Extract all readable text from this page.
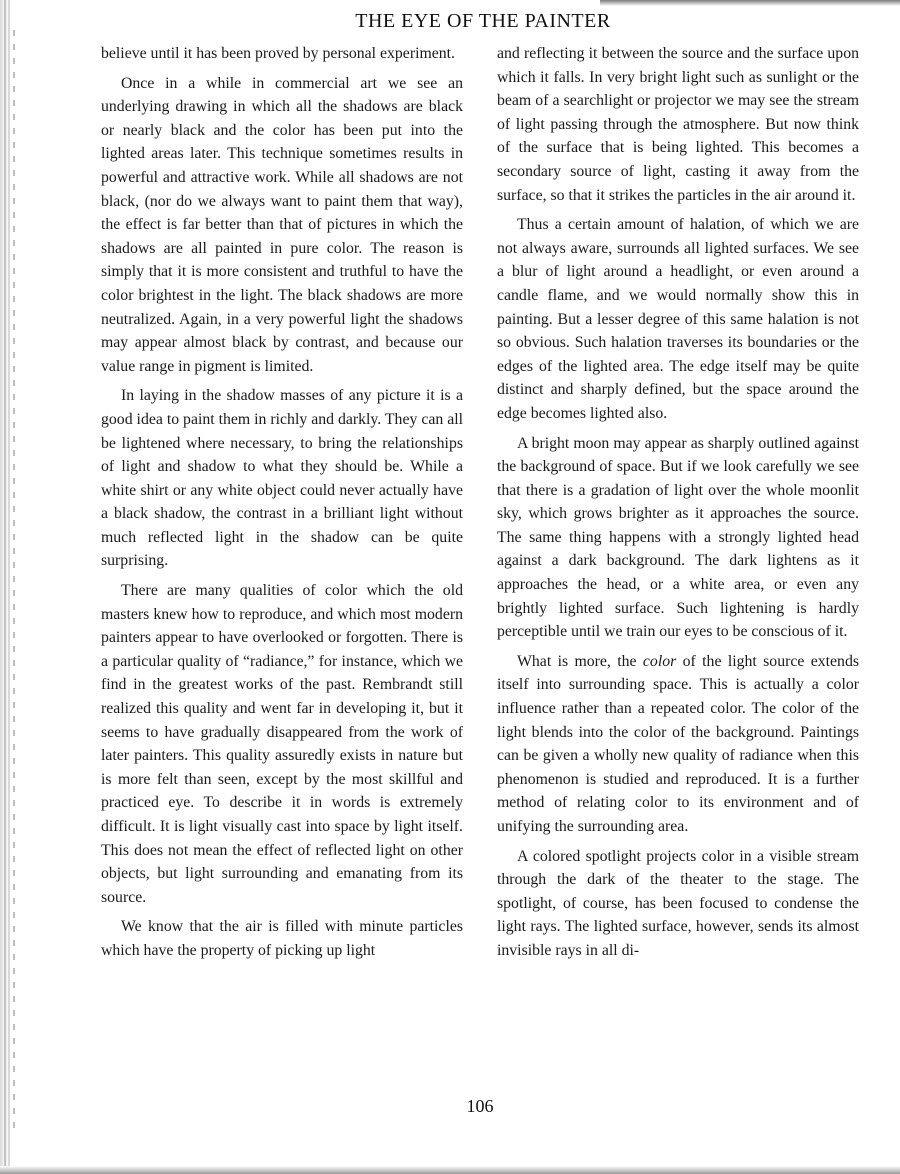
THE EYE OF THE PAINTER

believe until it has been proved by personal experiment.

Once in a while in commercial art we see an underlying drawing in which all the shadows are black or nearly black and the color has been put into the lighted areas later. This technique sometimes results in powerful and attractive work. While all shadows are not black, (nor do we always want to paint them that way), the effect is far better than that of pictures in which the shadows are all painted in pure color. The reason is simply that it is more consistent and truthful to have the color brightest in the light. The black shadows are more neutralized. Again, in a very powerful light the shadows may appear almost black by contrast, and because our value range in pigment is limited.

In laying in the shadow masses of any picture it is a good idea to paint them in richly and darkly. They can all be lightened where necessary, to bring the relationships of light and shadow to what they should be. While a white shirt or any white object could never actually have a black shadow, the contrast in a brilliant light without much reflected light in the shadow can be quite surprising.

There are many qualities of color which the old masters knew how to reproduce, and which most modern painters appear to have overlooked or forgotten. There is a particular quality of “radiance,” for instance, which we find in the greatest works of the past. Rembrandt still realized this quality and went far in developing it, but it seems to have gradually disappeared from the work of later painters. This quality assuredly exists in nature but is more felt than seen, except by the most skillful and practiced eye. To describe it in words is extremely difficult. It is light visually cast into space by light itself. This does not mean the effect of reflected light on other objects, but light surrounding and emanating from its source.

We know that the air is filled with minute particles which have the property of picking up light

and reflecting it between the source and the surface upon which it falls. In very bright light such as sunlight or the beam of a searchlight or projector we may see the stream of light passing through the atmosphere. But now think of the surface that is being lighted. This becomes a secondary source of light, casting it away from the surface, so that it strikes the particles in the air around it.

Thus a certain amount of halation, of which we are not always aware, surrounds all lighted surfaces. We see a blur of light around a headlight, or even around a candle flame, and we would normally show this in painting. But a lesser degree of this same halation is not so obvious. Such halation traverses its boundaries or the edges of the lighted area. The edge itself may be quite distinct and sharply defined, but the space around the edge becomes lighted also.

A bright moon may appear as sharply outlined against the background of space. But if we look carefully we see that there is a gradation of light over the whole moonlit sky, which grows brighter as it approaches the source. The same thing happens with a strongly lighted head against a dark background. The dark lightens as it approaches the head, or a white area, or even any brightly lighted surface. Such lightening is hardly perceptible until we train our eyes to be conscious of it.

What is more, the color of the light source extends itself into surrounding space. This is actually a color influence rather than a repeated color. The color of the light blends into the color of the background. Paintings can be given a wholly new quality of radiance when this phenomenon is studied and reproduced. It is a further method of relating color to its environment and of unifying the surrounding area.

A colored spotlight projects color in a visible stream through the dark of the theater to the stage. The spotlight, of course, has been focused to condense the light rays. The lighted surface, however, sends its almost invisible rays in all di-

106
